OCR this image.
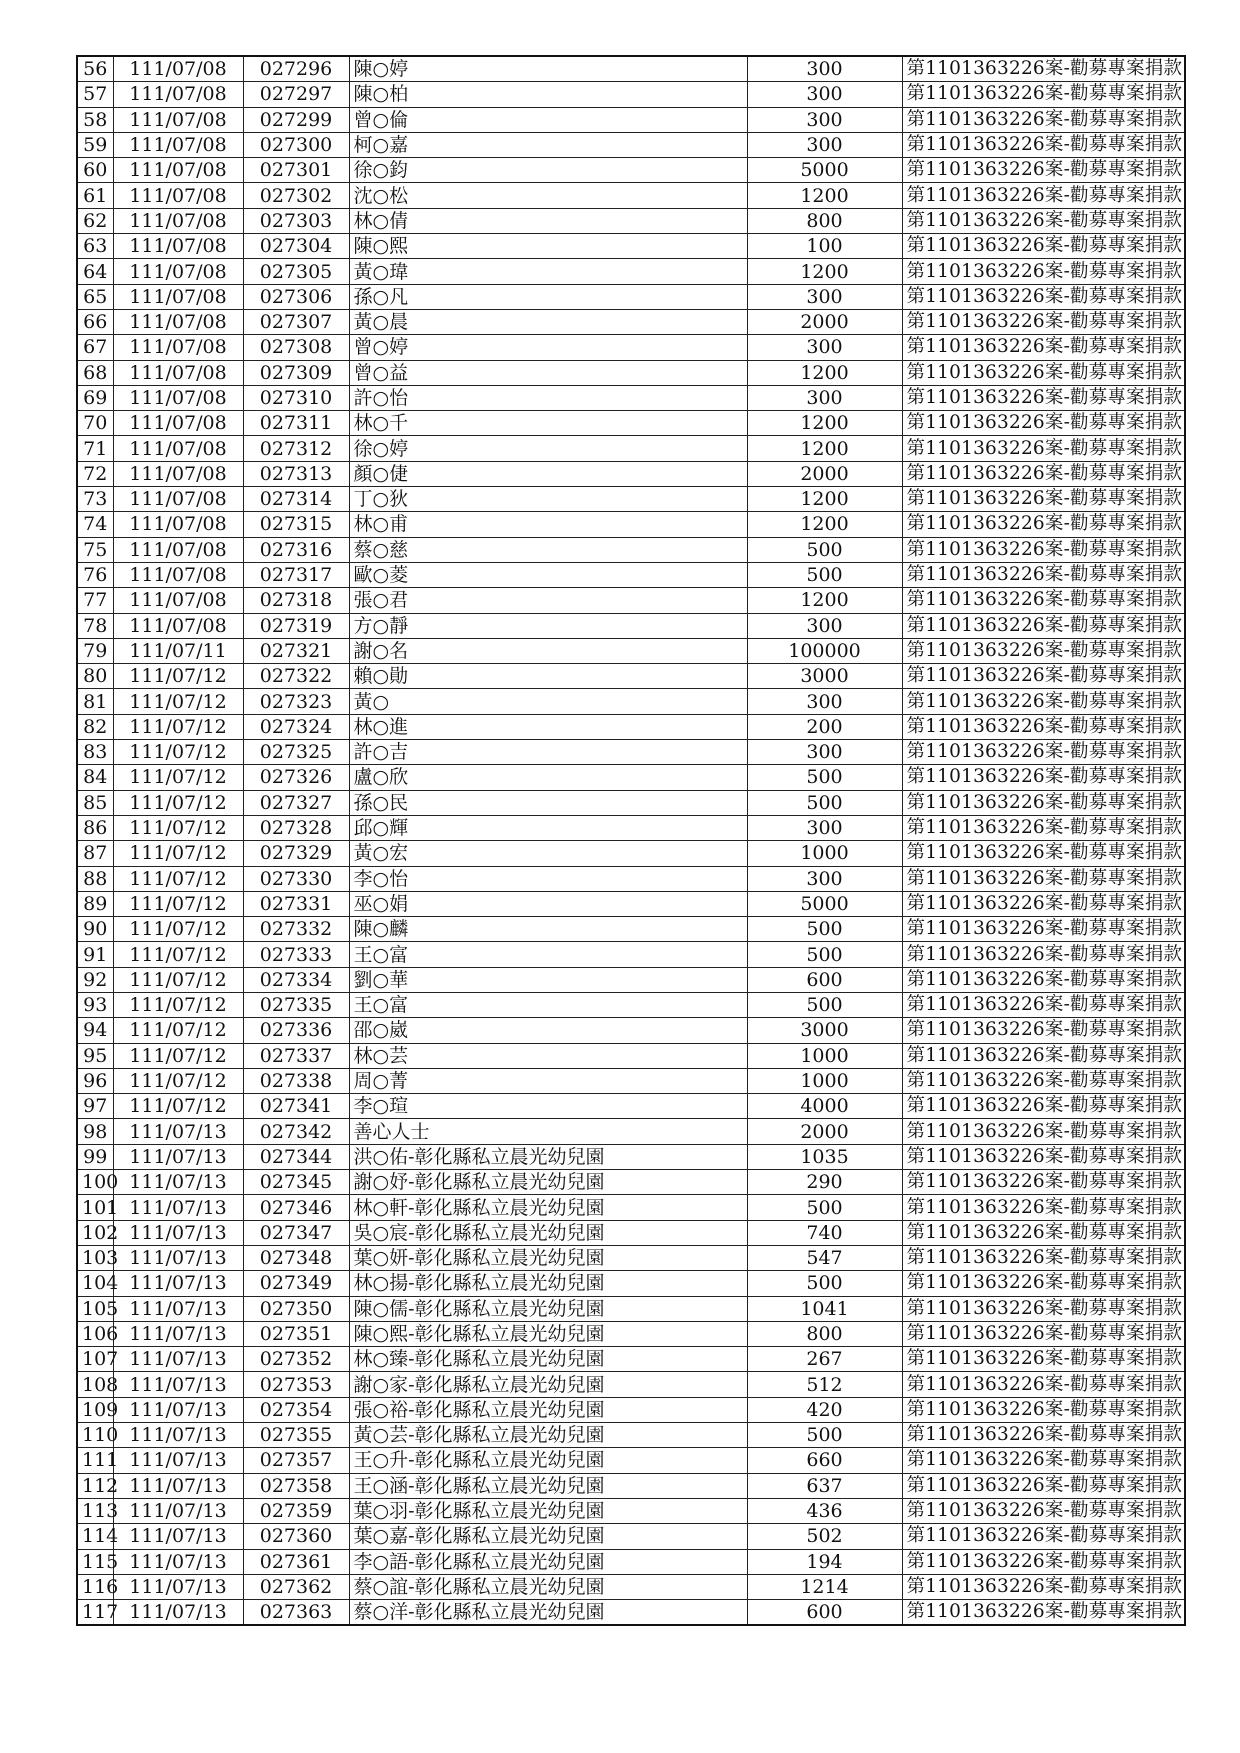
56	111/07/08	027296	陳○婷	300	第1101363226案-勸募專案捐款
57	111/07/08	027297	陳○柏	300	第1101363226案-勸募專案捐款
58	111/07/08	027299	曾○倫	300	第1101363226案-勸募專案捐款
59	111/07/08	027300	柯○嘉	300	第1101363226案-勸募專案捐款
60	111/07/08	027301	徐○鈞	5000	第1101363226案-勸募專案捐款
61	111/07/08	027302	沈○松	1200	第1101363226案-勸募專案捐款
62	111/07/08	027303	林○倩	800	第1101363226案-勸募專案捐款
63	111/07/08	027304	陳○熙	100	第1101363226案-勸募專案捐款
64	111/07/08	027305	黃○瑋	1200	第1101363226案-勸募專案捐款
65	111/07/08	027306	孫○凡	300	第1101363226案-勸募專案捐款
66	111/07/08	027307	黃○晨	2000	第1101363226案-勸募專案捐款
67	111/07/08	027308	曾○婷	300	第1101363226案-勸募專案捐款
68	111/07/08	027309	曾○益	1200	第1101363226案-勸募專案捐款
69	111/07/08	027310	許○怡	300	第1101363226案-勸募專案捐款
70	111/07/08	027311	林○千	1200	第1101363226案-勸募專案捐款
71	111/07/08	027312	徐○婷	1200	第1101363226案-勸募專案捐款
72	111/07/08	027313	顏○倢	2000	第1101363226案-勸募專案捐款
73	111/07/08	027314	丁○狄	1200	第1101363226案-勸募專案捐款
74	111/07/08	027315	林○甫	1200	第1101363226案-勸募專案捐款
75	111/07/08	027316	蔡○慈	500	第1101363226案-勸募專案捐款
76	111/07/08	027317	歐○菱	500	第1101363226案-勸募專案捐款
77	111/07/08	027318	張○君	1200	第1101363226案-勸募專案捐款
78	111/07/08	027319	方○靜	300	第1101363226案-勸募專案捐款
79	111/07/11	027321	謝○名	100000	第1101363226案-勸募專案捐款
80	111/07/12	027322	賴○勛	3000	第1101363226案-勸募專案捐款
81	111/07/12	027323	黃○	300	第1101363226案-勸募專案捐款
82	111/07/12	027324	林○進	200	第1101363226案-勸募專案捐款
83	111/07/12	027325	許○吉	300	第1101363226案-勸募專案捐款
84	111/07/12	027326	盧○欣	500	第1101363226案-勸募專案捐款
85	111/07/12	027327	孫○民	500	第1101363226案-勸募專案捐款
86	111/07/12	027328	邱○輝	300	第1101363226案-勸募專案捐款
87	111/07/12	027329	黃○宏	1000	第1101363226案-勸募專案捐款
88	111/07/12	027330	李○怡	300	第1101363226案-勸募專案捐款
89	111/07/12	027331	巫○娟	5000	第1101363226案-勸募專案捐款
90	111/07/12	027332	陳○麟	500	第1101363226案-勸募專案捐款
91	111/07/12	027333	王○富	500	第1101363226案-勸募專案捐款
92	111/07/12	027334	劉○華	600	第1101363226案-勸募專案捐款
93	111/07/12	027335	王○富	500	第1101363226案-勸募專案捐款
94	111/07/12	027336	邵○崴	3000	第1101363226案-勸募專案捐款
95	111/07/12	027337	林○芸	1000	第1101363226案-勸募專案捐款
96	111/07/12	027338	周○菁	1000	第1101363226案-勸募專案捐款
97	111/07/12	027341	李○瑄	4000	第1101363226案-勸募專案捐款
98	111/07/13	027342	善心人士	2000	第1101363226案-勸募專案捐款
99	111/07/13	027344	洪○佑-彰化縣私立晨光幼兒園	1035	第1101363226案-勸募專案捐款
100	111/07/13	027345	謝○妤-彰化縣私立晨光幼兒園	290	第1101363226案-勸募專案捐款
101	111/07/13	027346	林○軒-彰化縣私立晨光幼兒園	500	第1101363226案-勸募專案捐款
102	111/07/13	027347	吳○宸-彰化縣私立晨光幼兒園	740	第1101363226案-勸募專案捐款
103	111/07/13	027348	葉○妍-彰化縣私立晨光幼兒園	547	第1101363226案-勸募專案捐款
104	111/07/13	027349	林○揚-彰化縣私立晨光幼兒園	500	第1101363226案-勸募專案捐款
105	111/07/13	027350	陳○儒-彰化縣私立晨光幼兒園	1041	第1101363226案-勸募專案捐款
106	111/07/13	027351	陳○熙-彰化縣私立晨光幼兒園	800	第1101363226案-勸募專案捐款
107	111/07/13	027352	林○臻-彰化縣私立晨光幼兒園	267	第1101363226案-勸募專案捐款
108	111/07/13	027353	謝○家-彰化縣私立晨光幼兒園	512	第1101363226案-勸募專案捐款
109	111/07/13	027354	張○裕-彰化縣私立晨光幼兒園	420	第1101363226案-勸募專案捐款
110	111/07/13	027355	黃○芸-彰化縣私立晨光幼兒園	500	第1101363226案-勸募專案捐款
111	111/07/13	027357	王○升-彰化縣私立晨光幼兒園	660	第1101363226案-勸募專案捐款
112	111/07/13	027358	王○涵-彰化縣私立晨光幼兒園	637	第1101363226案-勸募專案捐款
113	111/07/13	027359	葉○羽-彰化縣私立晨光幼兒園	436	第1101363226案-勸募專案捐款
114	111/07/13	027360	葉○嘉-彰化縣私立晨光幼兒園	502	第1101363226案-勸募專案捐款
115	111/07/13	027361	李○語-彰化縣私立晨光幼兒園	194	第1101363226案-勸募專案捐款
116	111/07/13	027362	蔡○誼-彰化縣私立晨光幼兒園	1214	第1101363226案-勸募專案捐款
117	111/07/13	027363	蔡○洋-彰化縣私立晨光幼兒園	600	第1101363226案-勸募專案捐款
